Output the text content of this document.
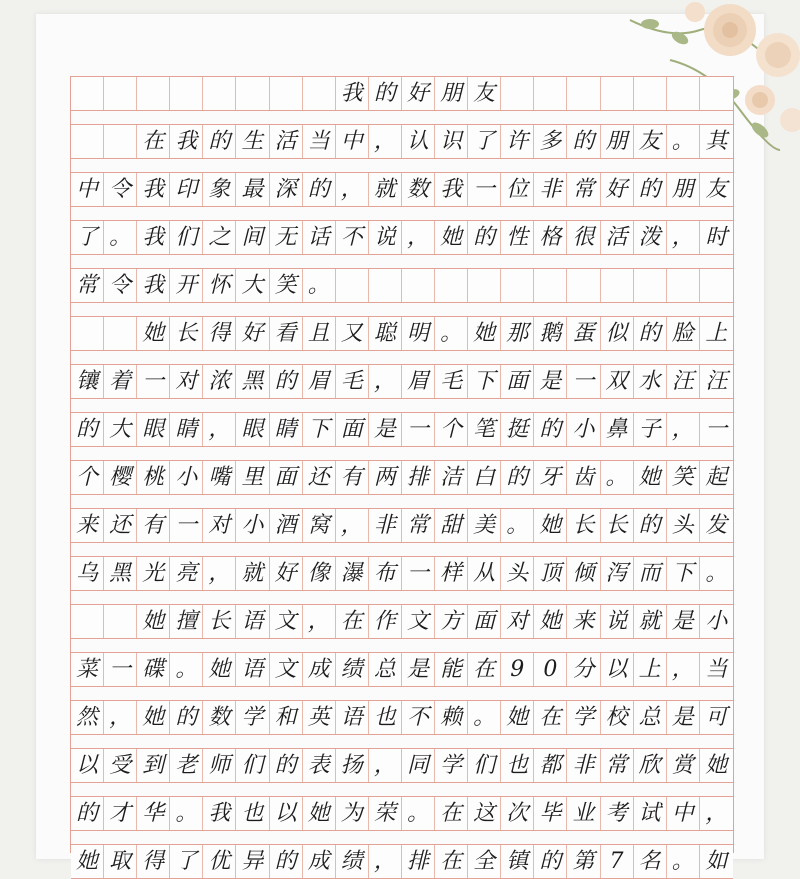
我 的 好 朋 友
在 我 的 生 活 当 中 ， 认 识 了 许 多 的 朋 友 。 其
中 令 我 印 象 最 深 的 ， 就 数 我 一 位 非 常 好 的 朋 友
了 。 我 们 之 间 无 话 不 说 ， 她 的 性 格 很 活 泼 ， 时
常 令 我 开 怀 大 笑 。
她 长 得 好 看 且 又 聪 明 。 她 那 鹅 蛋 似 的 脸 上
镶 着 一 对 浓 黑 的 眉 毛 ， 眉 毛 下 面 是 一 双 水 汪 汪
的 大 眼 睛 ， 眼 睛 下 面 是 一 个 笔 挺 的 小 鼻 子 ， 一
个 樱 桃 小 嘴 里 面 还 有 两 排 洁 白 的 牙 齿 。 她 笑 起
来 还 有 一 对 小 酒 窝 ， 非 常 甜 美 。 她 长 长 的 头 发
乌 黑 光 亮 ， 就 好 像 瀑 布 一 样 从 头 顶 倾 泻 而 下 。
她 擅 长 语 文 ， 在 作 文 方 面 对 她 来 说 就 是 小
菜 一 碟 。 她 语 文 成 绩 总 是 能 在 9 0 分 以 上 ， 当
然 ， 她 的 数 学 和 英 语 也 不 赖 。 她 在 学 校 总 是 可
以 受 到 老 师 们 的 表 扬 ， 同 学 们 也 都 非 常 欣 赏 她
的 才 华 。 我 也 以 她 为 荣 。 在 这 次 毕 业 考 试 中 ，
她 取 得 了 优 异 的 成 绩 ， 排 在 全 镇 的 第 7 名 。 如
